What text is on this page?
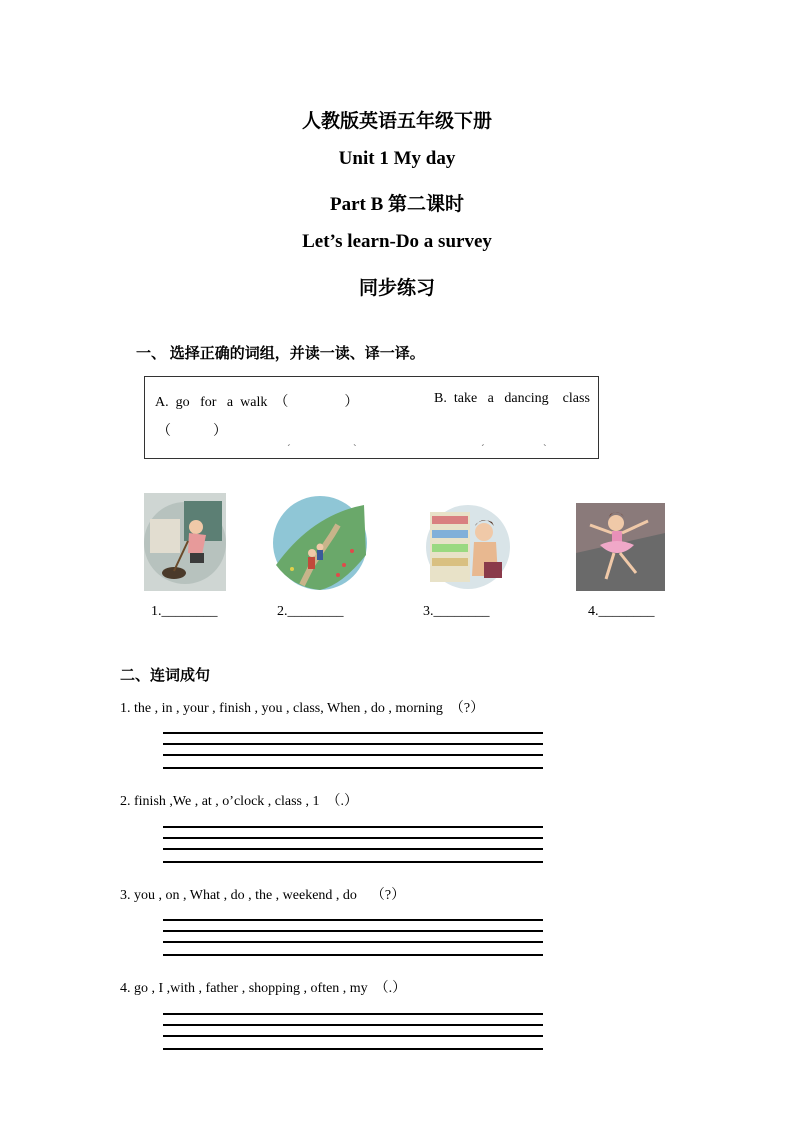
人教版英语五年级下册
Unit 1 My day
Part B 第二课时
Let’s learn-Do a survey
同步练习
一、 选择正确的词组，并读一读、译一译。
A.  go   for   a  walk  （                ）	B.  take   a   dancing    class
（            ）
ˊ	ˋ	ˊ	ˋ
1.________	2.________	3.________	4.________
二、连词成句
1. the , in , your , finish , you , class, When , do , morning  （?）
2. finish ,We , at , o’clock , class , 1  （.）
3. you , on , What , do , the , weekend , do    （?）
4. go , I ,with , father , shopping , often , my  （.）
